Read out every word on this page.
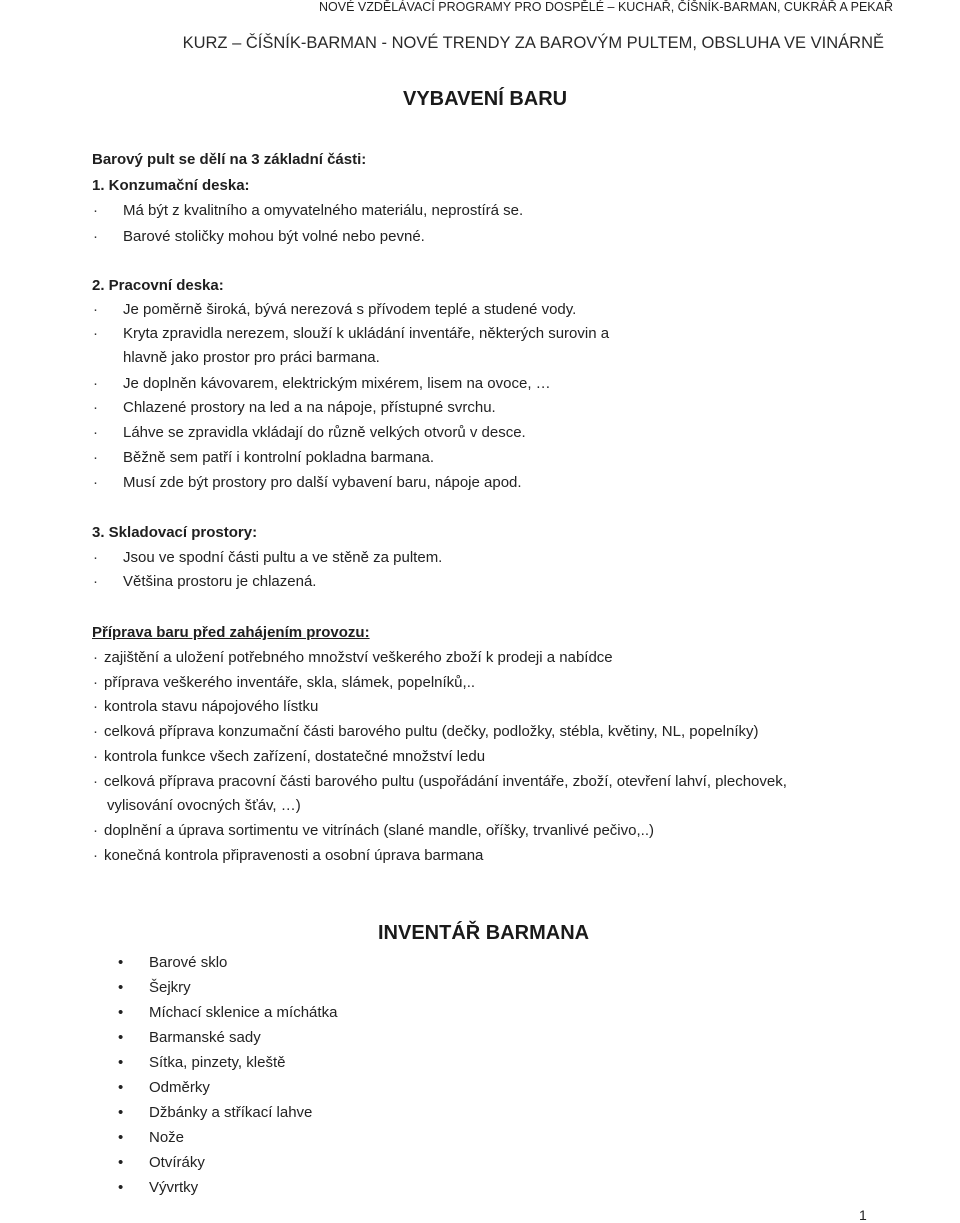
NOVÉ VZDĚLÁVACÍ PROGRAMY PRO DOSPĚLÉ – KUCHAŘ, ČÍŠNÍK-BARMAN, CUKRÁŘ A PEKAŘ
KURZ – ČÍŠNÍK-BARMAN - NOVÉ TRENDY ZA BAROVÝM PULTEM, OBSLUHA VE VINÁRNĚ
VYBAVENÍ BARU
Barový pult se dělí na 3 základní části:
1. Konzumační deska:
· Má být z kvalitního a omyvatelného materiálu, neprostírá se.
· Barové stoličky mohou být volné nebo pevné.
2. Pracovní deska:
· Je poměrně široká, bývá nerezová s přívodem teplé a studené vody.
· Kryta zpravidla nerezem, slouží k ukládání inventáře, některých surovin a
hlavně jako prostor pro práci barmana.
· Je doplněn kávovarem, elektrickým mixérem, lisem na ovoce, …
· Chlazené prostory na led a na nápoje, přístupné svrchu.
· Láhve se zpravidla vkládají do různě velkých otvorů v desce.
· Běžně sem patří i kontrolní pokladna barmana.
· Musí zde být prostory pro další vybavení baru, nápoje apod.
3. Skladovací prostory:
· Jsou ve spodní části pultu a ve stěně za pultem.
· Většina prostoru je chlazená.
Příprava baru před zahájením provozu:
· zajištění a uložení potřebného množství veškerého zboží k prodeji a nabídce
· příprava veškerého inventáře, skla, slámek, popelníků,..
· kontrola stavu nápojového lístku
· celková příprava konzumační části barového pultu (dečky, podložky, stébla, květiny, NL, popelníky)
· kontrola funkce všech zařízení, dostatečné množství ledu
· celková příprava pracovní části barového pultu (uspořádání inventáře, zboží, otevření lahví, plechovek,
vylisování ovocných šťáv, …)
· doplnění a úprava sortimentu ve vitrínách (slané mandle, oříšky, trvanlivé pečivo,..)
· konečná kontrola připravenosti a osobní úprava barmana
INVENTÁŘ BARMANA
• Barové sklo
• Šejkry
• Míchací sklenice a míchátka
• Barmanské sady
• Sítka, pinzety, kleště
• Odměrky
• Džbánky a stříkací lahve
• Nože
• Otvíráky
• Vývrtky
1
